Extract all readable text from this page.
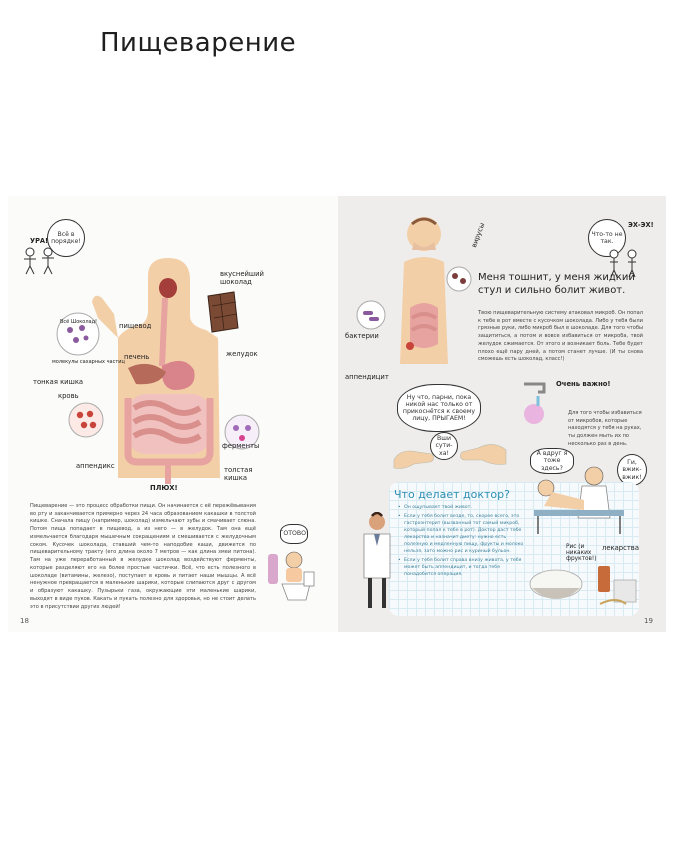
Пищеварение
Всё в порядке!
УРА!
Всё Шоколад!
молекулы сахарных частиц
вкуснейший шоколад
пищевод
печень	желудок
тонкая кишка
кровь
ферменты
аппендикс	толстая кишка
ПЛЮХ!
Пищеварение — это процесс обработки пищи. Он начинается с её пережёвывания во рту и заканчивается примерно через 24 часа образованием какашки в толстой кишке. Сначала пищу (например, шоколад) измельчают зубы и смачивает слюна. Потом пища попадает в пищевод, а из него — в желудок. Там она ещё измельчается благодаря мышечным сокращениям и смешивается с желудочным соком. Кусочек шоколада, ставший чем-то наподобие каши, движется по пищеварительному тракту (его длина около 7 метров — как длина змеи питона). Там на уже переработанный в желудке шоколад воздействуют ферменты, которые разделяют его на более простые частички. Всё, что есть полезного в шоколаде (витамины, железо), поступает в кровь и питает наши мышцы. А всё ненужное превращается в маленькие шарики, которые слипаются друг с другом и образуют какашку. Пузырьки газа, окружающие эти маленькие шарики, выходят в виде пуков. Какать и пукать полезно для здоровья, но не стоит делать это в присутствии других людей!
ГОТОВО!
18
Что-то не так.
ЭХ-ЭХ!
вирусы
бактерии
аппендицит
Меня тошнит, у меня жидкий стул и сильно болит живот.
Твою пищеварительную систему атаковал микроб. Он попал к тебе в рот вместе с кусочком шоколада. Либо у тебя были грязные руки, либо микроб был в шоколаде. Для того чтобы защититься, а потом и вовсе избавиться от микроба, твой желудок сжимается. От этого и возникает боль. Тебе будет плохо ещё пару дней, а потом станет лучше. (И ты снова сможешь есть шоколад, класс!)
Очень важно!
Для того чтобы избавиться от микробов, которые находятся у тебя на руках, ты должен мыть их по несколько раз в день.
Ну что, парни, пока никой нас только от прикоснётся к своему лицу, ПРЫГАЕМ!
Вши сути-ха!	А вдруг я тоже здесь?
Ги, вжик-вжик!
Что делает доктор?
• Он ощупывает твой живот.
• Если у тебя болит везде, то, скорее всего, это гастроэнтерит (вызванный тот самый микроб, который попал к тебе в рот). Доктор даст тебе лекарства и назначит диету: нужно есть полезную и медленную пищу, фрукты и молоко нельзя, зато можно рис и куриный бульон.
• Если у тебя болит справа внизу живота, у тебя может быть аппендицит, и тогда тебе понадобится операция.
Рис (и никаких фруктов!)
лекарства
19
